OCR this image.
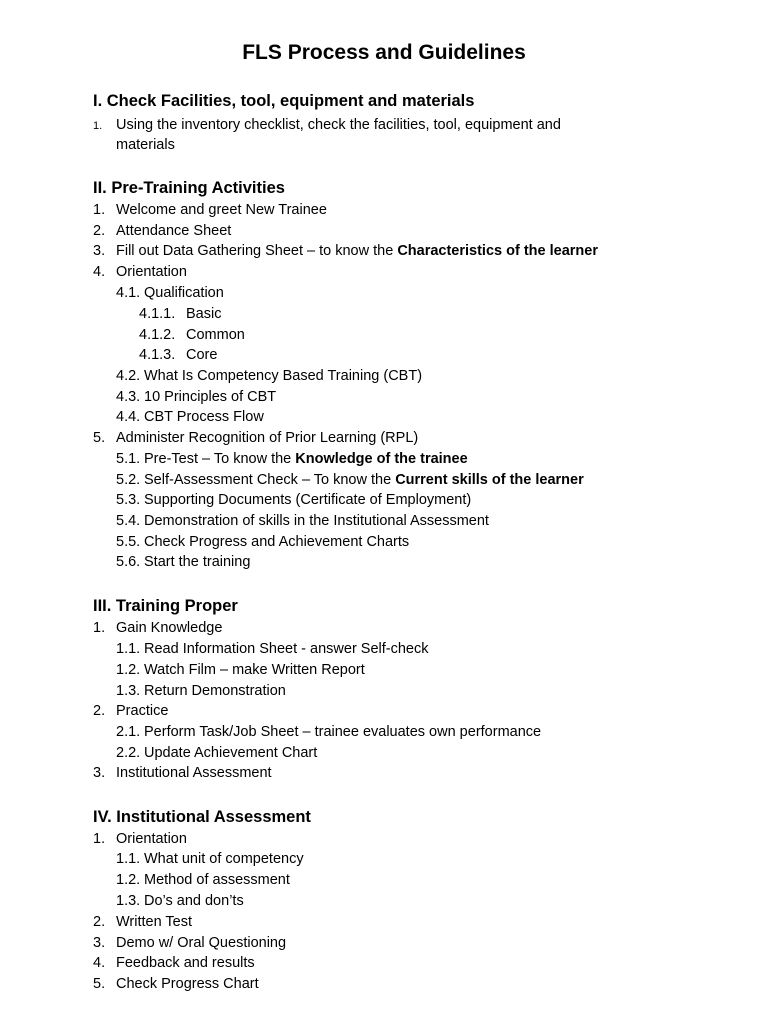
FLS Process and Guidelines
I. Check Facilities, tool, equipment and materials
1. Using the inventory checklist, check the facilities, tool, equipment and
materials
II. Pre-Training Activities
1. Welcome and greet New Trainee
2. Attendance Sheet
3. Fill out Data Gathering Sheet – to know the Characteristics of the learner
4. Orientation
4.1. Qualification
4.1.1. Basic
4.1.2. Common
4.1.3. Core
4.2. What Is Competency Based Training (CBT)
4.3. 10 Principles of CBT
4.4. CBT Process Flow
5. Administer Recognition of Prior Learning (RPL)
5.1. Pre-Test – To know the Knowledge of the trainee
5.2. Self-Assessment Check – To know the Current skills of the learner
5.3. Supporting Documents (Certificate of Employment)
5.4. Demonstration of skills in the Institutional Assessment
5.5. Check Progress and Achievement Charts
5.6. Start the training
III. Training Proper
1. Gain Knowledge
1.1. Read Information Sheet - answer Self-check
1.2. Watch Film – make Written Report
1.3. Return Demonstration
2. Practice
2.1. Perform Task/Job Sheet – trainee evaluates own performance
2.2. Update Achievement Chart
3. Institutional Assessment
IV. Institutional Assessment
1. Orientation
1.1. What unit of competency
1.2. Method of assessment
1.3. Do’s and don’ts
2. Written Test
3. Demo w/ Oral Questioning
4. Feedback and results
5. Check Progress Chart
